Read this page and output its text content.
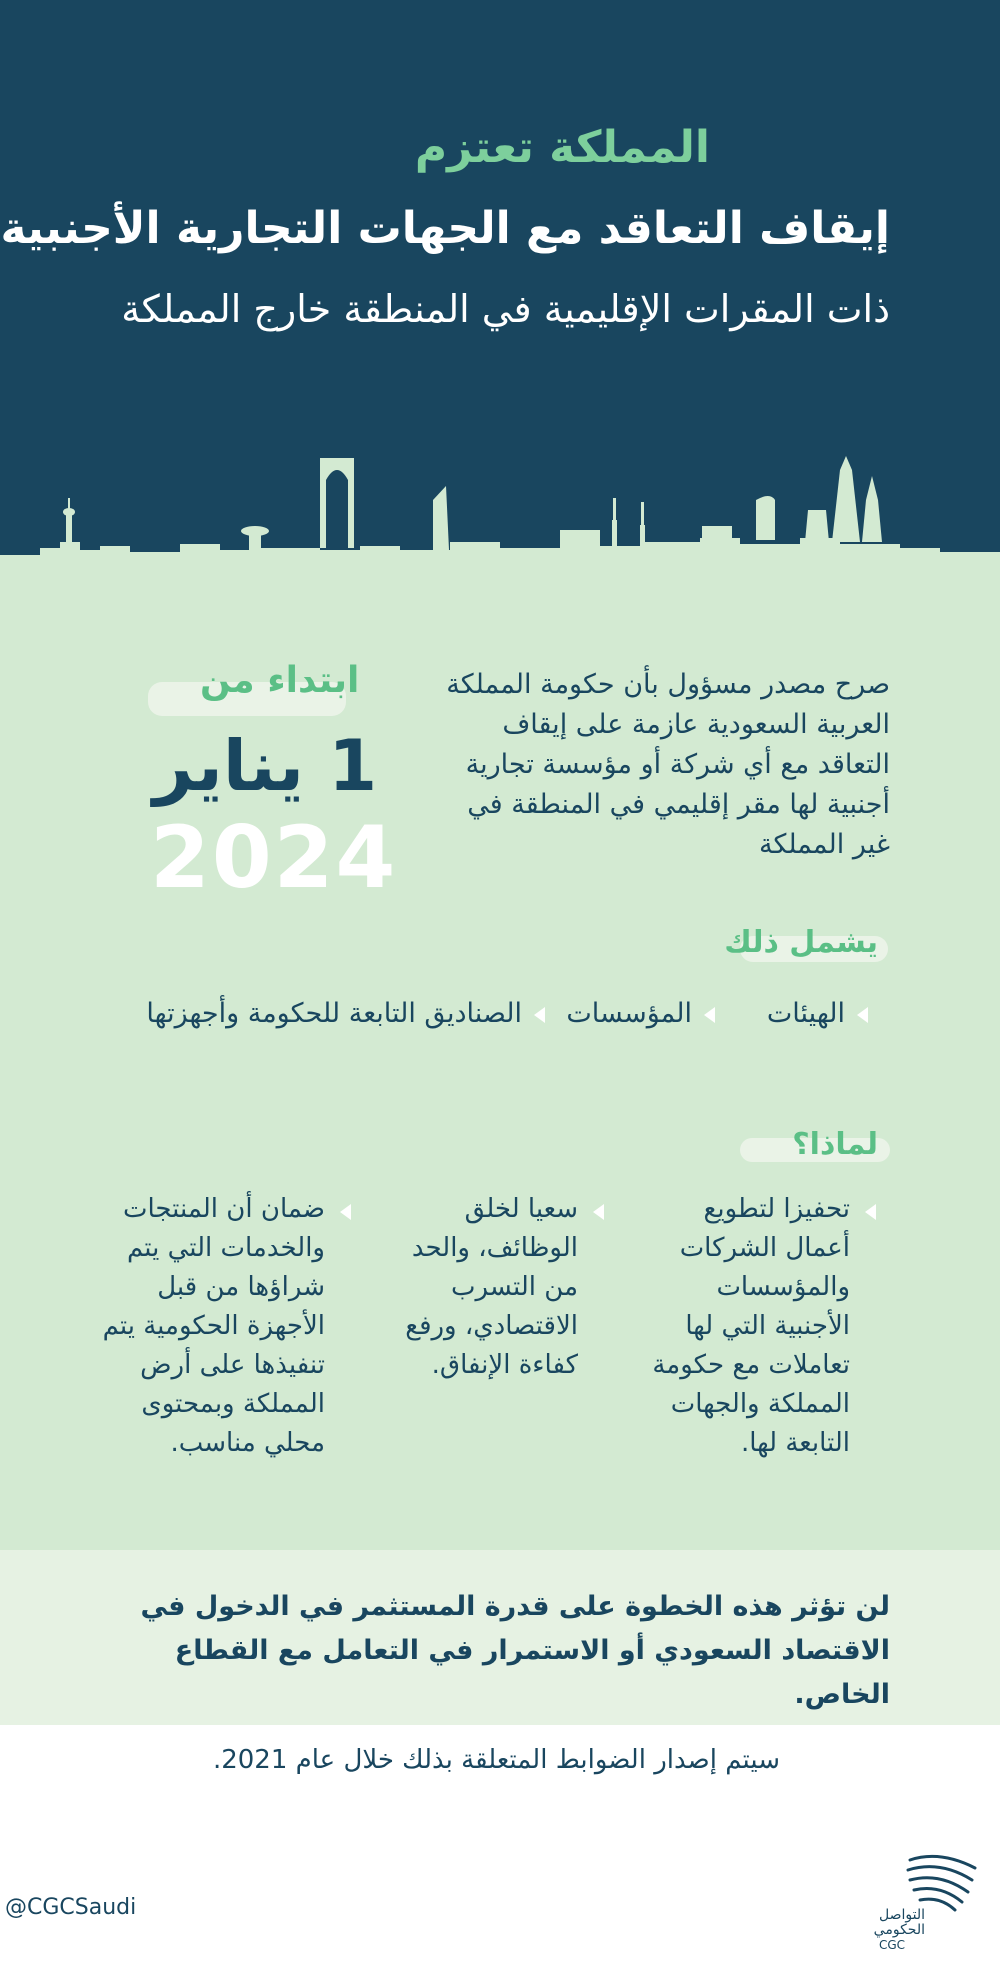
المملكة تعتزم
إيقاف التعاقد مع الجهات التجارية الأجنبية
ذات المقرات الإقليمية في المنطقة خارج المملكة
ابتداء من
1 يناير
2024
صرح مصدر مسؤول بأن حكومة المملكة العربية السعودية عازمة على إيقاف التعاقد مع أي شركة أو مؤسسة تجارية أجنبية لها مقر إقليمي في المنطقة في غير المملكة
يشمل ذلك
الهيئات
المؤسسات
الصناديق التابعة للحكومة وأجهزتها
لماذا؟
تحفيزا لتطويع أعمال الشركات والمؤسسات الأجنبية التي لها تعاملات مع حكومة المملكة والجهات التابعة لها.
سعيا لخلق الوظائف، والحد من التسرب الاقتصادي، ورفع كفاءة الإنفاق.
ضمان أن المنتجات والخدمات التي يتم شراؤها من قبل الأجهزة الحكومية يتم تنفيذها على أرض المملكة وبمحتوى محلي مناسب.
لن تؤثر هذه الخطوة على قدرة المستثمر في الدخول في الاقتصاد السعودي أو الاستمرار في التعامل مع القطاع الخاص.
سيتم إصدار الضوابط المتعلقة بذلك خلال عام 2021.
@CGCSaudi	التواصل
الحكومي
CGC
